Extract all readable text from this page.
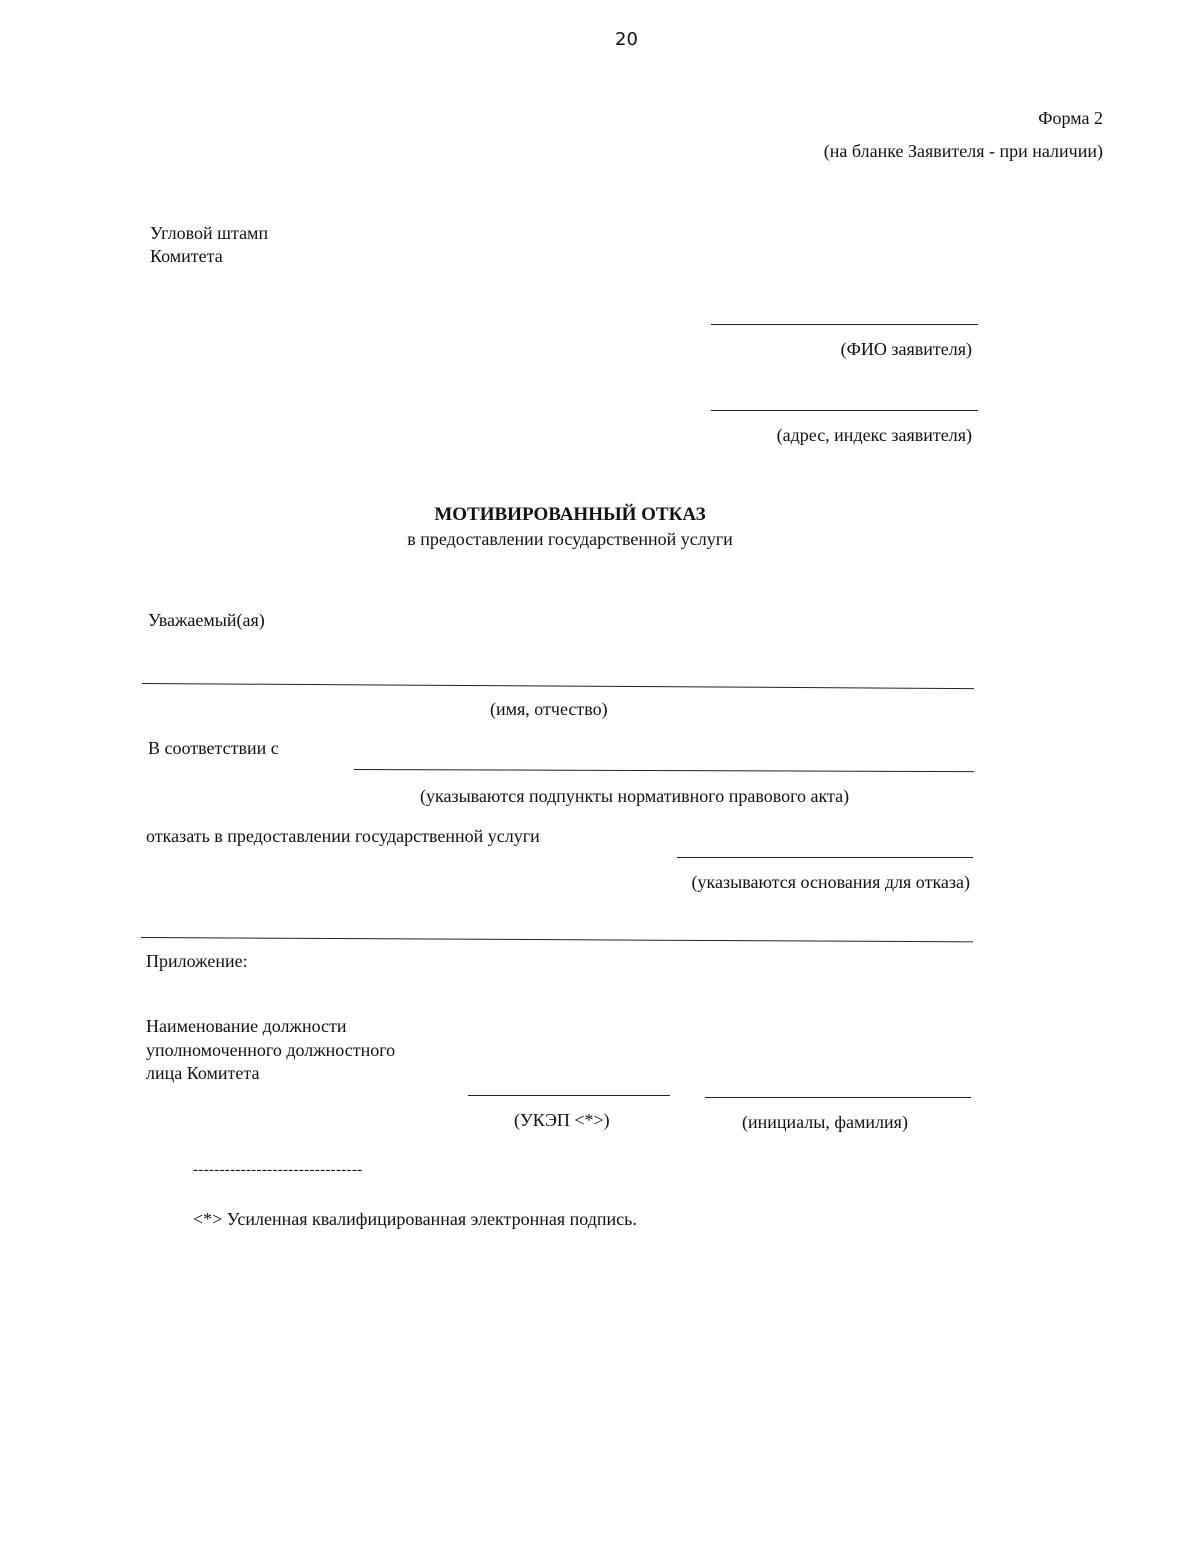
20
Форма 2
(на бланке Заявителя - при наличии)
Угловой штамп
Комитета
(ФИО заявителя)
(адрес, индекс заявителя)
МОТИВИРОВАННЫЙ ОТКАЗ
в предоставлении государственной услуги
Уважаемый(ая)
(имя, отчество)
В соответствии с
(указываются подпункты нормативного правового акта)
отказать в предоставлении государственной услуги
(указываются основания для отказа)
Приложение:
Наименование должности
уполномоченного должностного
лица Комитета
(УКЭП <*>)	(инициалы, фамилия)
--------------------------------
<*> Усиленная квалифицированная электронная подпись.
